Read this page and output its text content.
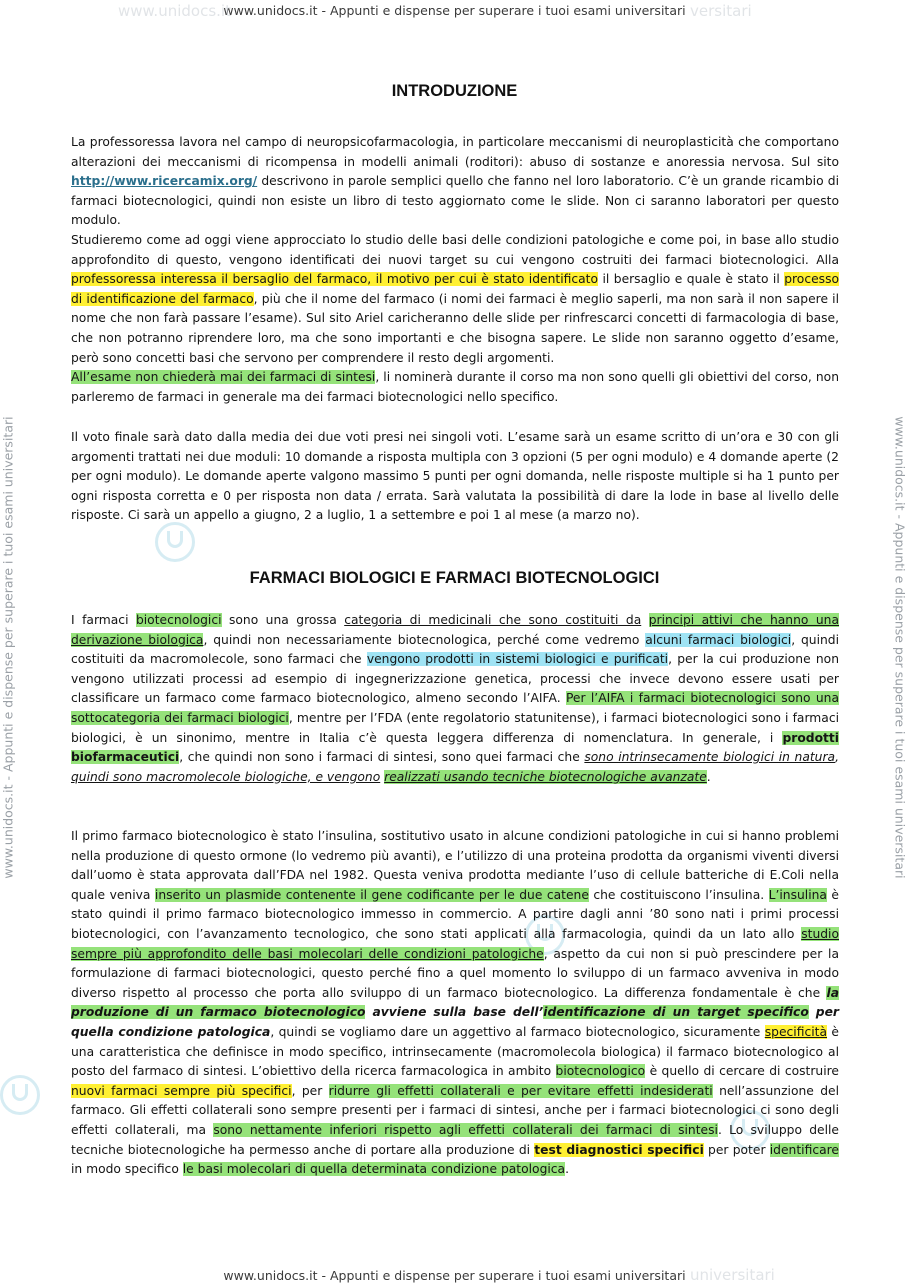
www.unidocs.it - Appunti e dispense per superare i tuoi esami universitari
www.unidocs.it	versitari
www.unidocs.it - Appunti e dispense per superare i tuoi esami universitari universitari
www.unidocs.it - Appunti e dispense per superare i tuoi esami universitari	www.unidocs.it - Appunti e dispense per superare i tuoi esami universitari
INTRODUZIONE

La professoressa lavora nel campo di neuropsicofarmacologia, in particolare meccanismi di neuroplasticità che comportano alterazioni dei meccanismi di ricompensa in modelli animali (roditori): abuso di sostanze e anoressia nervosa. Sul sito http://www.ricercamix.org/ descrivono in parole semplici quello che fanno nel loro laboratorio. C’è un grande ricambio di farmaci biotecnologici, quindi non esiste un libro di testo aggiornato come le slide. Non ci saranno laboratori per questo modulo.
Studieremo come ad oggi viene approcciato lo studio delle basi delle condizioni patologiche e come poi, in base allo studio approfondito di questo, vengono identificati dei nuovi target su cui vengono costruiti dei farmaci biotecnologici. Alla professoressa interessa il bersaglio del farmaco, il motivo per cui è stato identificato il bersaglio e quale è stato il processo di identificazione del farmaco, più che il nome del farmaco (i nomi dei farmaci è meglio saperli, ma non sarà il non sapere il nome che non farà passare l’esame). Sul sito Ariel caricheranno delle slide per rinfrescarci concetti di farmacologia di base, che non potranno riprendere loro, ma che sono importanti e che bisogna sapere. Le slide non saranno oggetto d’esame, però sono concetti basi che servono per comprendere il resto degli argomenti.
All’esame non chiederà mai dei farmaci di sintesi, li nominerà durante il corso ma non sono quelli gli obiettivi del corso, non parleremo de farmaci in generale ma dei farmaci biotecnologici nello specifico.

Il voto finale sarà dato dalla media dei due voti presi nei singoli voti. L’esame sarà un esame scritto di un’ora e 30 con gli argomenti trattati nei due moduli: 10 domande a risposta multipla con 3 opzioni (5 per ogni modulo) e 4 domande aperte (2 per ogni modulo). Le domande aperte valgono massimo 5 punti per ogni domanda, nelle risposte multiple si ha 1 punto per ogni risposta corretta e 0 per risposta non data / errata. Sarà valutata la possibilità di dare la lode in base al livello delle risposte. Ci sarà un appello a giugno, 2 a luglio, 1 a settembre e poi 1 al mese (a marzo no).

FARMACI BIOLOGICI E FARMACI BIOTECNOLOGICI

I farmaci biotecnologici sono una grossa categoria di medicinali che sono costituiti da principi attivi che hanno una derivazione biologica, quindi non necessariamente biotecnologica, perché come vedremo alcuni farmaci biologici, quindi costituiti da macromolecole, sono farmaci che vengono prodotti in sistemi biologici e purificati, per la cui produzione non vengono utilizzati processi ad esempio di ingegnerizzazione genetica, processi che invece devono essere usati per classificare un farmaco come farmaco biotecnologico, almeno secondo l’AIFA. Per l’AIFA i farmaci biotecnologici sono una sottocategoria dei farmaci biologici, mentre per l’FDA (ente regolatorio statunitense), i farmaci biotecnologici sono i farmaci biologici, è un sinonimo, mentre in Italia c’è questa leggera differenza di nomenclatura. In generale, i prodotti biofarmaceutici, che quindi non sono i farmaci di sintesi, sono quei farmaci che sono intrinsecamente biologici in natura, quindi sono macromolecole biologiche, e vengono realizzati usando tecniche biotecnologiche avanzate.

Il primo farmaco biotecnologico è stato l’insulina, sostitutivo usato in alcune condizioni patologiche in cui si hanno problemi nella produzione di questo ormone (lo vedremo più avanti), e l’utilizzo di una proteina prodotta da organismi viventi diversi dall’uomo è stata approvata dall’FDA nel 1982. Questa veniva prodotta mediante l’uso di cellule batteriche di E.Coli nella quale veniva inserito un plasmide contenente il gene codificante per le due catene che costituiscono l’insulina. L’insulina è stato quindi il primo farmaco biotecnologico immesso in commercio. A partire dagli anni ’80 sono nati i primi processi biotecnologici, con l’avanzamento tecnologico, che sono stati applicati alla farmacologia, quindi da un lato allo studio sempre più approfondito delle basi molecolari delle condizioni patologiche, aspetto da cui non si può prescindere per la formulazione di farmaci biotecnologici, questo perché fino a quel momento lo sviluppo di un farmaco avveniva in modo diverso rispetto al processo che porta allo sviluppo di un farmaco biotecnologico. La differenza fondamentale è che la produzione di un farmaco biotecnologico avviene sulla base dell’identificazione di un target specifico per quella condizione patologica, quindi se vogliamo dare un aggettivo al farmaco biotecnologico, sicuramente specificità è una caratteristica che definisce in modo specifico, intrinsecamente (macromolecola biologica) il farmaco biotecnologico al posto del farmaco di sintesi. L’obiettivo della ricerca farmacologica in ambito biotecnologico è quello di cercare di costruire nuovi farmaci sempre più specifici, per ridurre gli effetti collaterali e per evitare effetti indesiderati nell’assunzione del farmaco. Gli effetti collaterali sono sempre presenti per i farmaci di sintesi, anche per i farmaci biotecnologici ci sono degli effetti collaterali, ma sono nettamente inferiori rispetto agli effetti collaterali dei farmaci di sintesi. Lo sviluppo delle tecniche biotecnologiche ha permesso anche di portare alla produzione di test diagnostici specifici per poter identificare in modo specifico le basi molecolari di quella determinata condizione patologica.
